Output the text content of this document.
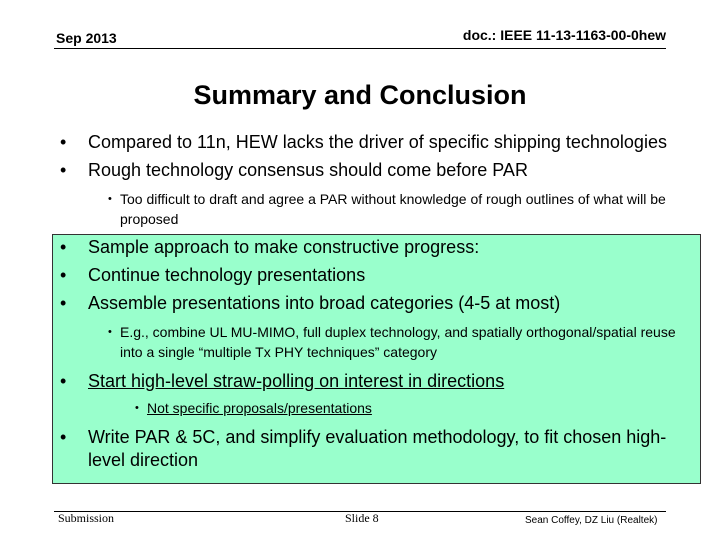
Sep 2013	doc.: IEEE 11-13-1163-00-0hew
Summary and Conclusion
•	Compared to 11n, HEW lacks the driver of specific shipping technologies
•	Rough technology consensus should come before PAR
• Too difficult to draft and agree a PAR without knowledge of rough outlines of what will be proposed
•	Sample approach to make constructive progress:
•	Continue technology presentations
•	Assemble presentations into broad categories (4-5 at most)
• E.g., combine UL MU-MIMO, full duplex technology, and spatially orthogonal/spatial reuse into a single “multiple Tx PHY techniques” category
•	Start high-level straw-polling on interest in directions
• Not specific proposals/presentations
•	Write PAR & 5C, and simplify evaluation methodology, to fit chosen high-level direction
Submission	Slide 8	Sean Coffey, DZ Liu (Realtek)
